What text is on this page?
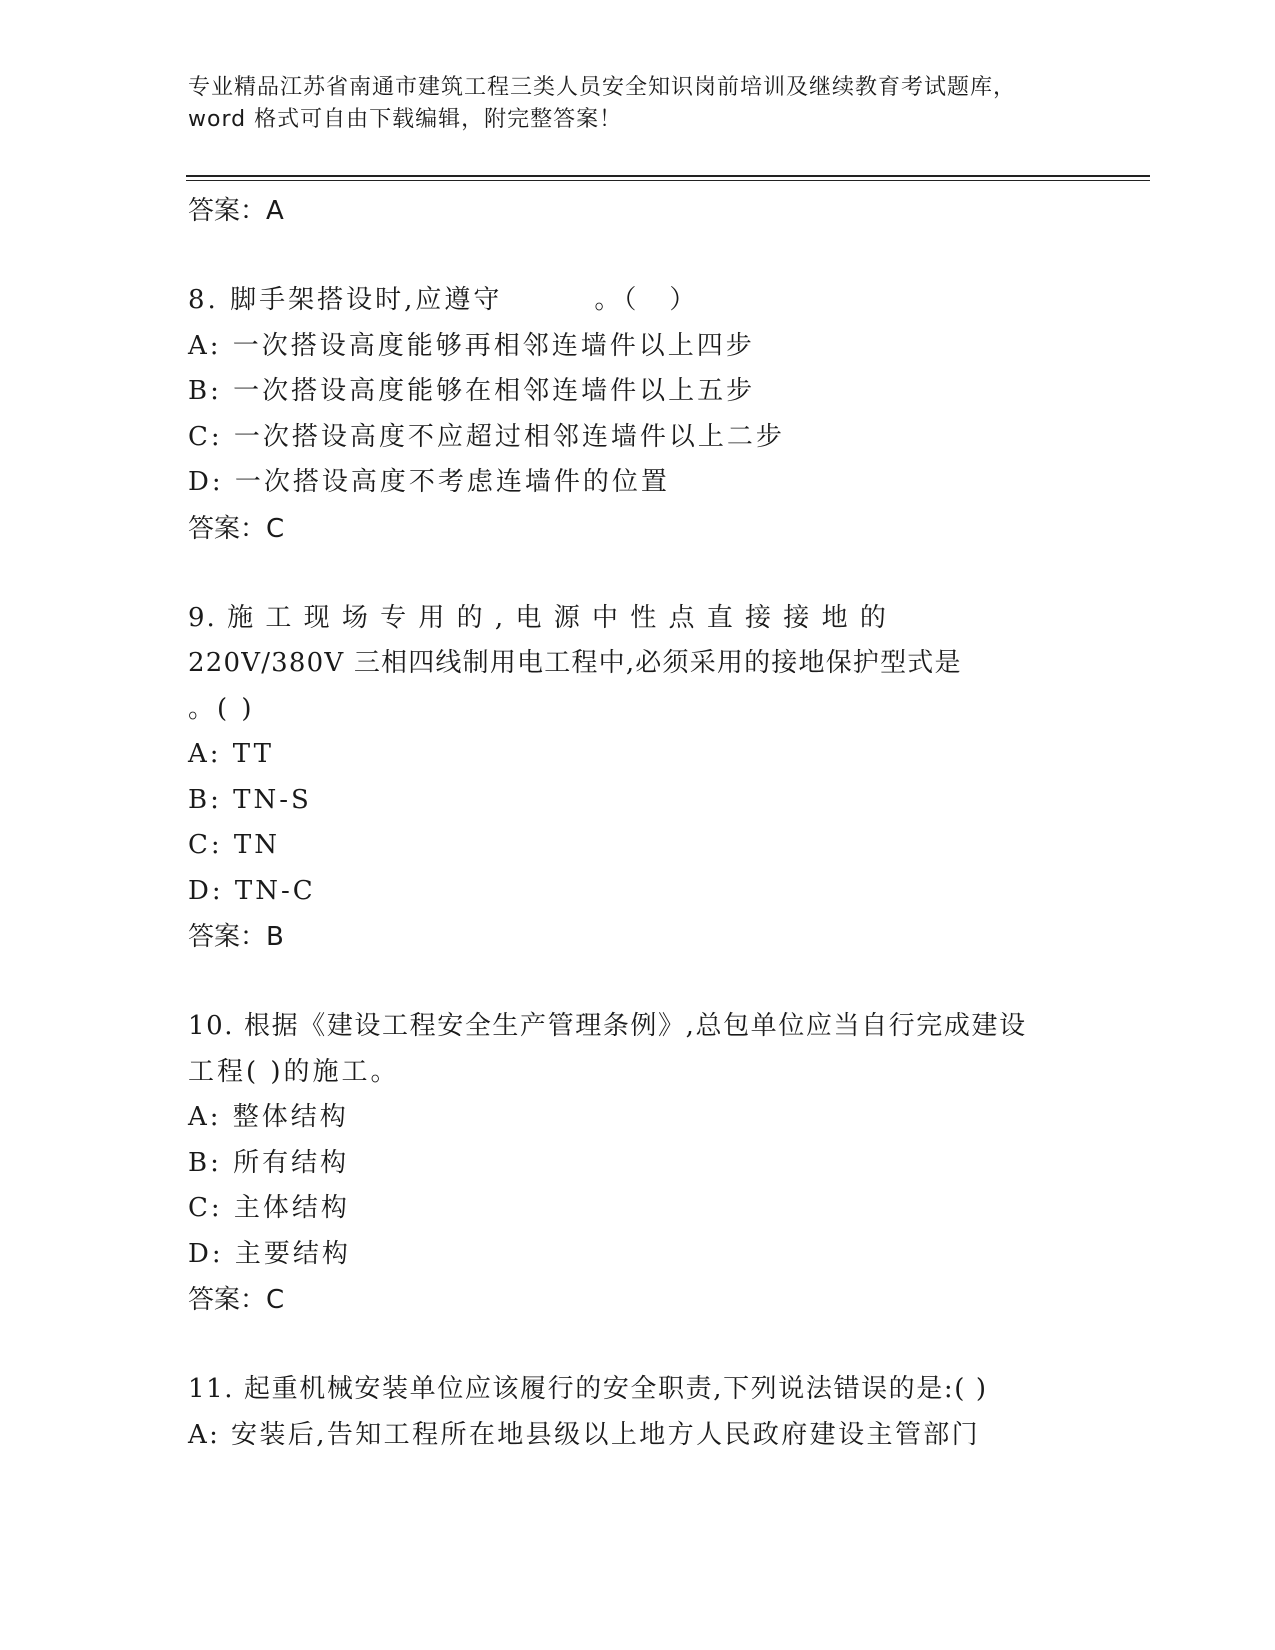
专业精品江苏省南通市建筑工程三类人员安全知识岗前培训及继续教育考试题库，
word 格式可自由下载编辑，附完整答案！
答案：A
8. 脚手架搭设时,应遵守	。（ ）
A: 一次搭设高度能够再相邻连墙件以上四步
B: 一次搭设高度能够在相邻连墙件以上五步
C: 一次搭设高度不应超过相邻连墙件以上二步
D: 一次搭设高度不考虑连墙件的位置
答案：C
9. 施 工 现 场 专 用 的 , 电 源 中 性 点 直 接 接 地 的
220V/380V 三相四线制用电工程中,必须采用的接地保护型式是
。( )
A: TT
B: TN-S
C: TN
D: TN-C
答案：B
10. 根据《建设工程安全生产管理条例》,总包单位应当自行完成建设
工程( )的施工。
A: 整体结构
B: 所有结构
C: 主体结构
D: 主要结构
答案：C
11. 起重机械安装单位应该履行的安全职责,下列说法错误的是:( )
A: 安装后,告知工程所在地县级以上地方人民政府建设主管部门
